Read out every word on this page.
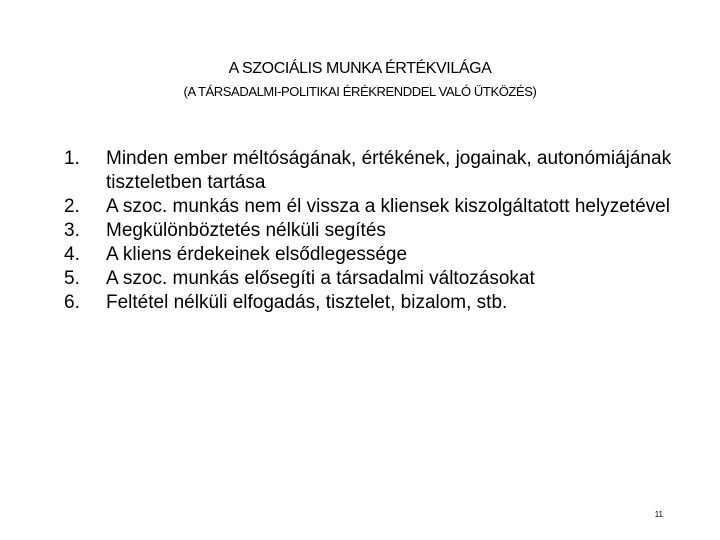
A SZOCIÁLIS MUNKA ÉRTÉKVILÁGA
(A TÁRSADALMI-POLITIKAI ÉRÉKRENDDEL VALÓ ÜTKÖZÉS)
1.	Minden ember méltóságának, értékének, jogainak, autonómiájának tiszteletben tartása
2.	A szoc. munkás nem él vissza a kliensek kiszolgáltatott helyzetével
3.	Megkülönböztetés nélküli segítés
4.	A kliens érdekeinek elsődlegessége
5.	A szoc. munkás elősegíti a társadalmi változásokat
6.	Feltétel nélküli elfogadás, tisztelet, bizalom, stb.
11
